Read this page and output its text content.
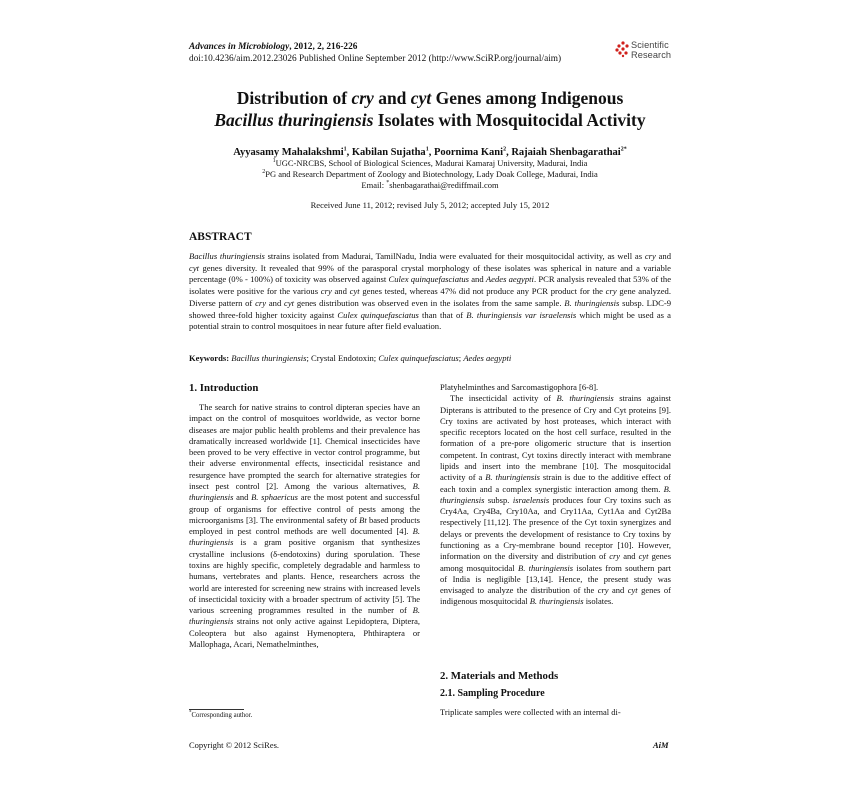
Advances in Microbiology, 2012, 2, 216-226
doi:10.4236/aim.2012.23026 Published Online September 2012 (http://www.SciRP.org/journal/aim)
Scientific
Research
Distribution of cry and cyt Genes among Indigenous
Bacillus thuringiensis Isolates with Mosquitocidal Activity
Ayyasamy Mahalakshmi$^1$, Kabilan Sujatha$^1$, Poornima Kani$^2$, Rajaiah Shenbagarathai$^{2*}$
$^1$UGC-NRCBS, School of Biological Sciences, Madurai Kamaraj University, Madurai, India
$^2$PG and Research Department of Zoology and Biotechnology, Lady Doak College, Madurai, India
Email: *shenbagarathai@rediffmail.com
Received June 11, 2012; revised July 5, 2012; accepted July 15, 2012
ABSTRACT
Bacillus thuringiensis strains isolated from Madurai, TamilNadu, India were evaluated for their mosquitocidal activity, as well as cry and cyt genes diversity. It revealed that 99% of the parasporal crystal morphology of these isolates was spherical in nature and a variable percentage (0% - 100%) of toxicity was observed against Culex quinquefasciatus and Aedes aegypti. PCR analysis revealed that 53% of the isolates were positive for the various cry and cyt genes tested, whereas 47% did not produce any PCR product for the cry gene analyzed. Diverse pattern of cry and cyt genes distribution was observed even in the isolates from the same sample. B. thuringiensis subsp. LDC-9 showed three-fold higher toxicity against Culex quinquefasciatus than that of B. thuringiensis var israelensis which might be used as a potential strain to control mosquitoes in near future after field evaluation.
Keywords: Bacillus thuringiensis; Crystal Endotoxin; Culex quinquefasciatus; Aedes aegypti
1. Introduction
The search for native strains to control dipteran species have an impact on the control of mosquitoes worldwide, as vector borne diseases are major public health problems and their prevalence has dramatically increased worldwide [1]. Chemical insecticides have been proved to be very effective in vector control programme, but their adverse environmental effects, insecticidal resistance and resurgence have prompted the search for alternative strategies for insect pest control [2]. Among the various alternatives, B. thuringiensis and B. sphaericus are the most potent and successful group of organisms for effective control of pests among the microorganisms [3]. The environmental safety of Bt based products employed in pest control methods are well documented [4]. B. thuringiensis is a gram positive organism that synthesizes crystalline inclusions (δ-endotoxins) during sporulation. These toxins are highly specific, completely degradable and harmless to humans, vertebrates and plants. Hence, researchers across the world are interested for screening new strains with increased levels of insecticidal toxicity with a broader spectrum of activity [5]. The various screening programmes resulted in the number of B. thuringiensis strains not only active against Lepidoptera, Diptera, Coleoptera but also against Hymenoptera, Phthiraptera or Mallophaga, Acari, Nemathelminthes,
Platyhelminthes and Sarcomastigophora [6-8].
The insecticidal activity of B. thuringiensis strains against Dipterans is attributed to the presence of Cry and Cyt proteins [9]. Cry toxins are activated by host proteases, which interact with specific receptors located on the host cell surface, resulted in the formation of a pre-pore oligomeric structure that is insertion competent. In contrast, Cyt toxins directly interact with membrane lipids and insert into the membrane [10]. The mosquitocidal activity of a B. thuringiensis strain is due to the additive effect of each toxin and a complex synergistic interaction among them. B. thuringiensis subsp. israelensis produces four Cry toxins such as Cry4Aa, Cry4Ba, Cry10Aa, and Cry11Aa, Cyt1Aa and Cyt2Ba respectively [11,12]. The presence of the Cyt toxin synergizes and delays or prevents the development of resistance to Cry toxins by functioning as a Cry-membrane bound receptor [10]. However, information on the diversity and distribution of cry and cyt genes among mosquitocidal B. thuringiensis isolates from southern part of India is negligible [13,14]. Hence, the present study was envisaged to analyze the distribution of the cry and cyt genes of indigenous mosquitocidal B. thuringiensis isolates.
2. Materials and Methods
2.1. Sampling Procedure
Triplicate samples were collected with an internal di-
*Corresponding author.
Copyright © 2012 SciRes.	AiM
